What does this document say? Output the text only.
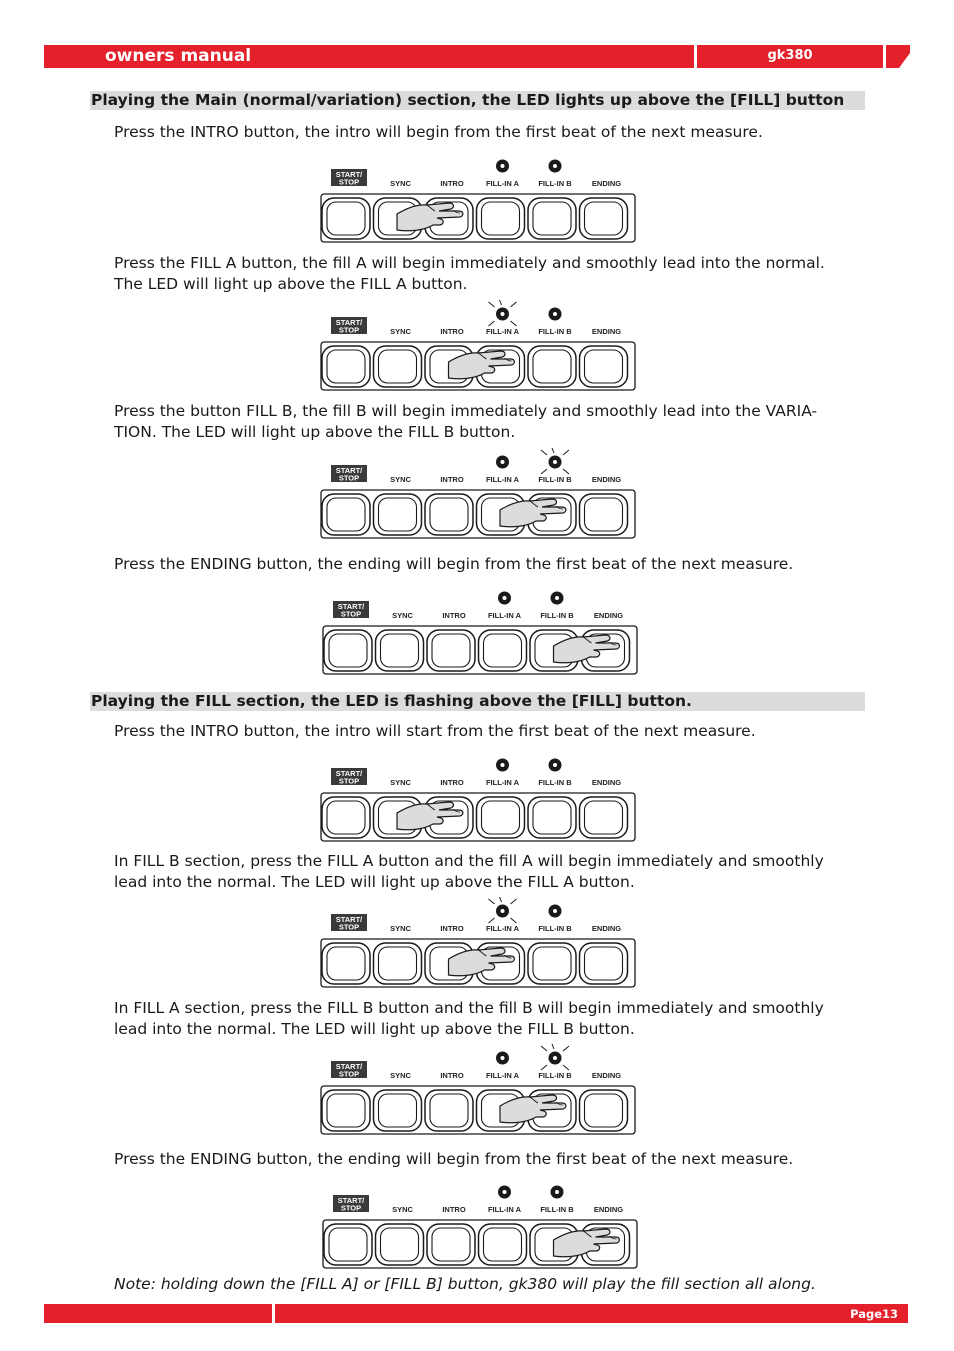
owners manual	gk380
Playing the Main (normal/variation) section, the LED lights up above the [FILL] button
Press the INTRO button, the intro will begin from the first beat of the next measure.
START/
STOP	SYNC	INTRO	FILL-IN A	FILL-IN B	ENDING
Press the FILL A button, the fill A will begin immediately and smoothly lead into the normal.
The LED will light up above the FILL A button.
START/
STOP	SYNC	INTRO	FILL-IN A	FILL-IN B	ENDING
Press the button FILL B, the fill B will begin immediately and smoothly lead into the VARIA-
TION. The LED will light up above the FILL B button.
START/
STOP	SYNC	INTRO	FILL-IN A	FILL-IN B	ENDING
Press the ENDING button, the ending will begin from the first beat of the next measure.
START/
STOP	SYNC	INTRO	FILL-IN A	FILL-IN B	ENDING
Playing the FILL section, the LED is flashing above the [FILL] button.
Press the INTRO button, the intro will start from the first beat of the next measure.
START/
STOP	SYNC	INTRO	FILL-IN A	FILL-IN B	ENDING
In FILL B section, press the FILL A button and the fill A will begin immediately and smoothly
lead into the normal. The LED will light up above the FILL A button.
START/
STOP	SYNC	INTRO	FILL-IN A	FILL-IN B	ENDING
In FILL A section, press the FILL B button and the fill B will begin immediately and smoothly
lead into the normal. The LED will light up above the FILL B button.
START/
STOP	SYNC	INTRO	FILL-IN A	FILL-IN B	ENDING
Press the ENDING button, the ending will begin from the first beat of the next measure.
START/
STOP	SYNC	INTRO	FILL-IN A	FILL-IN B	ENDING
Note: holding down the [FILL A] or [FILL B] button, gk380 will play the fill section all along.
Page13
